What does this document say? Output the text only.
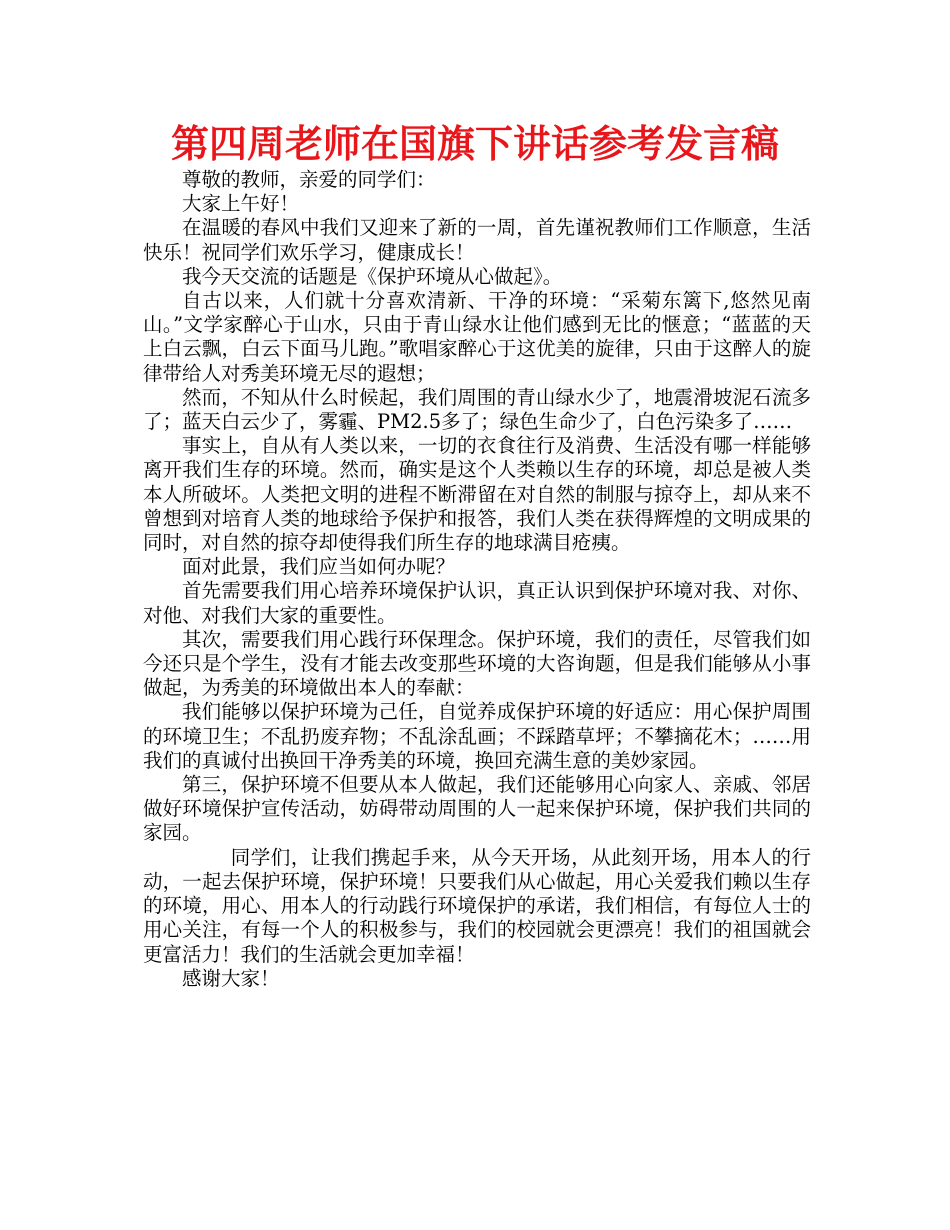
第四周老师在国旗下讲话参考发言稿

尊敬的教师，亲爱的同学们：

大家上午好！

在温暖的春风中我们又迎来了新的一周，首先谨祝教师们工作顺意，生活快乐！祝同学们欢乐学习，健康成长！

我今天交流的话题是《保护环境从心做起》。

自古以来，人们就十分喜欢清新、干净的环境：“采菊东篱下,悠然见南山。”文学家醉心于山水，只由于青山绿水让他们感到无比的惬意；“蓝蓝的天上白云飘，白云下面马儿跑。”歌唱家醉心于这优美的旋律，只由于这醉人的旋律带给人对秀美环境无尽的遐想；

然而，不知从什么时候起，我们周围的青山绿水少了，地震滑坡泥石流多了；蓝天白云少了，雾霾、PM2.5多了；绿色生命少了，白色污染多了……

事实上，自从有人类以来，一切的衣食往行及消费、生活没有哪一样能够离开我们生存的环境。然而，确实是这个人类赖以生存的环境，却总是被人类本人所破坏。人类把文明的进程不断滞留在对自然的制服与掠夺上，却从来不曾想到对培育人类的地球给予保护和报答，我们人类在获得辉煌的文明成果的同时，对自然的掠夺却使得我们所生存的地球满目疮痍。

面对此景，我们应当如何办呢？

首先需要我们用心培养环境保护认识，真正认识到保护环境对我、对你、对他、对我们大家的重要性。

其次，需要我们用心践行环保理念。保护环境，我们的责任，尽管我们如今还只是个学生，没有才能去改变那些环境的大咨询题，但是我们能够从小事做起，为秀美的环境做出本人的奉献：

我们能够以保护环境为己任，自觉养成保护环境的好适应：用心保护周围的环境卫生；不乱扔废弃物；不乱涂乱画；不踩踏草坪；不攀摘花木；……用我们的真诚付出换回干净秀美的环境，换回充满生意的美妙家园。

第三，保护环境不但要从本人做起，我们还能够用心向家人、亲戚、邻居做好环境保护宣传活动，妨碍带动周围的人一起来保护环境，保护我们共同的家园。

同学们，让我们携起手来，从今天开场，从此刻开场，用本人的行动，一起去保护环境，保护环境！只要我们从心做起，用心关爱我们赖以生存的环境，用心、用本人的行动践行环境保护的承诺，我们相信，有每位人士的用心关注，有每一个人的积极参与，我们的校园就会更漂亮！我们的祖国就会更富活力！我们的生活就会更加幸福！

感谢大家！
